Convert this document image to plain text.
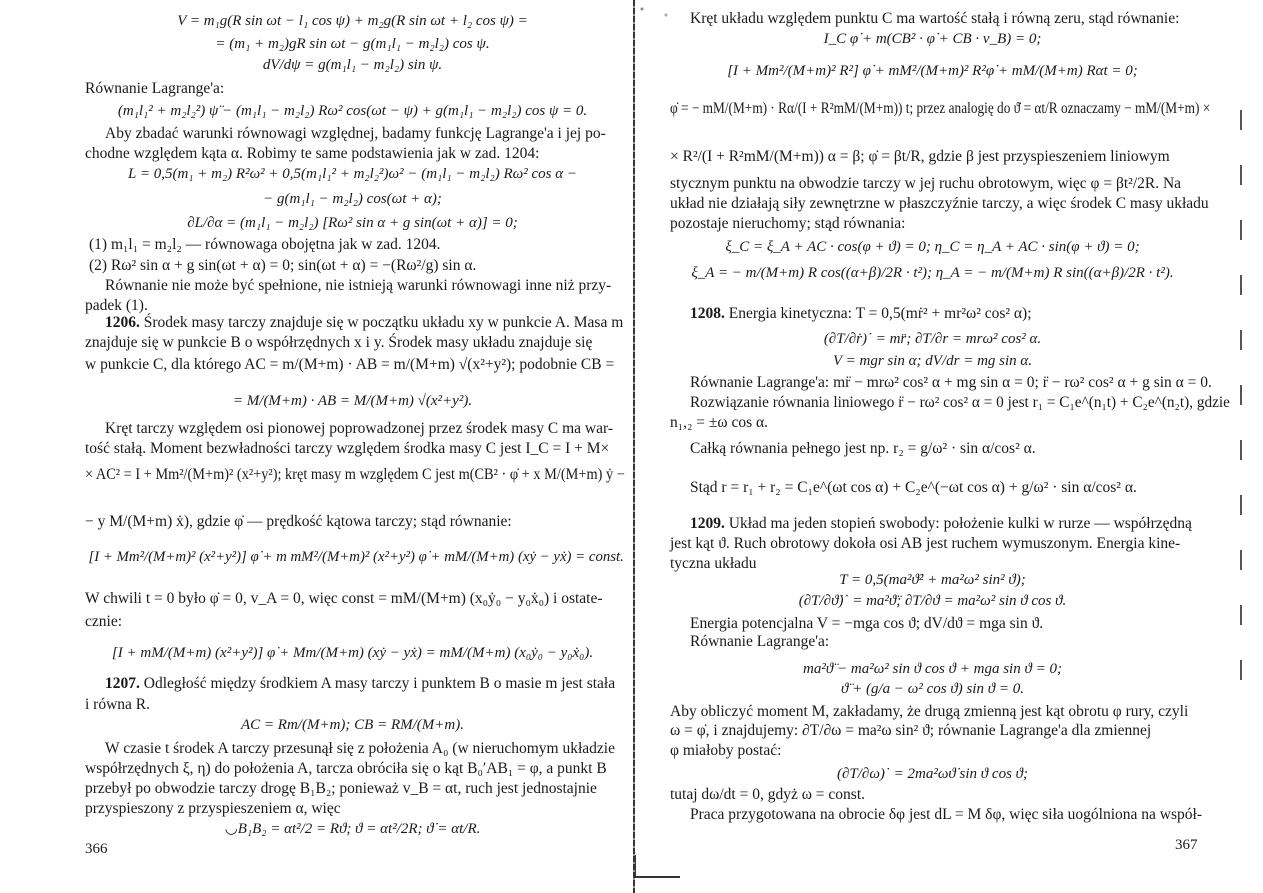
V = m₁g(R sin ωt − l₁ cos ψ) + m₂g(R sin ωt + l₂ cos ψ) =
= (m₁ + m₂)gR sin ωt − g(m₁l₁ − m₂l₂) cos ψ.
dV/dψ = g(m₁l₁ − m₂l₂) sin ψ.
Równanie Lagrange'a:
(m₁l₁² + m₂l₂²) ψ̈ − (m₁l₁ − m₂l₂) Rω² cos(ωt − ψ) + g(m₁l₁ − m₂l₂) cos ψ = 0.
Aby zbadać warunki równowagi względnej, badamy funkcję Lagrange'a i jej po-
chodne względem kąta α. Robimy te same podstawienia jak w zad. 1204:
L = 0,5(m₁ + m₂) R²ω² + 0,5(m₁l₁² + m₂l₂²)ω² − (m₁l₁ − m₂l₂) Rω² cos α −
− g(m₁l₁ − m₂l₂) cos(ωt + α);
∂L/∂α = (m₁l₁ − m₂l₂) [Rω² sin α + g sin(ωt + α)] = 0;
(1) m₁l₁ = m₂l₂ — równowaga obojętna jak w zad. 1204.
(2) Rω² sin α + g sin(ωt + α) = 0; sin(ωt + α) = −(Rω²/g) sin α.
Równanie nie może być spełnione, nie istnieją warunki równowagi inne niż przy-
padek (1).
1206. Środek masy tarczy znajduje się w początku układu xy w punkcie A. Masa m
znajduje się w punkcie B o współrzędnych x i y. Środek masy układu znajduje się
w punkcie C, dla którego AC = m/(M+m) · AB = m/(M+m) √(x²+y²); podobnie CB =
= M/(M+m) · AB = M/(M+m) √(x²+y²).
Kręt tarczy względem osi pionowej poprowadzonej przez środek masy C ma war-
tość stałą. Moment bezwładności tarczy względem środka masy C jest I_C = I + M×
× AC² = I + Mm²/(M+m)² (x²+y²); kręt masy m względem C jest m(CB² · φ̇ + x M/(M+m) ẏ −
− y M/(M+m) ẋ), gdzie φ̇ — prędkość kątowa tarczy; stąd równanie:
[I + Mm²/(M+m)² (x²+y²)] φ̇ + m mM²/(M+m)² (x²+y²) φ̇ + mM/(M+m) (xẏ − yẋ) = const.
W chwili t = 0 było φ̇ = 0, v_A = 0, więc const = mM/(M+m) (x₀ẏ₀ − y₀ẋ₀) i ostate-
cznie:
[I + mM/(M+m) (x²+y²)] φ̇ + Mm/(M+m) (xẏ − yẋ) = mM/(M+m) (x₀ẏ₀ − y₀ẋ₀).
1207. Odległość między środkiem A masy tarczy i punktem B o masie m jest stała
i równa R.
AC = Rm/(M+m); CB = RM/(M+m).
W czasie t środek A tarczy przesunął się z położenia A₀ (w nieruchomym układzie
współrzędnych ξ, η) do położenia A, tarcza obróciła się o kąt B₀′AB₁ = φ, a punkt B
przebył po obwodzie tarczy drogę B₁B₂; ponieważ v_B = αt, ruch jest jednostajnie
przyspieszony z przyspieszeniem α, więc
◡B₁B₂ = αt²/2 = Rϑ; ϑ = αt²/2R; ϑ̇ = αt/R.
366
Kręt układu względem punktu C ma wartość stałą i równą zeru, stąd równanie:
I_C φ̇ + m(CB² · φ̇ + CB · v_B) = 0;
[I + Mm²/(M+m)² R²] φ̇ + mM²/(M+m)² R²φ̇ + mM/(M+m) Rαt = 0;
φ̇ = − mM/(M+m) · Rα/(I + R²mM/(M+m)) t; przez analogię do ϑ̇ = αt/R oznaczamy − mM/(M+m) ×
× R²/(I + R²mM/(M+m)) α = β; φ̇ = βt/R, gdzie β jest przyspieszeniem liniowym
stycznym punktu na obwodzie tarczy w jej ruchu obrotowym, więc φ = βt²/2R. Na
układ nie działają siły zewnętrzne w płaszczyźnie tarczy, a więc środek C masy układu
pozostaje nieruchomy; stąd równania:
ξ_C = ξ_A + AC · cos(φ + ϑ) = 0; η_C = η_A + AC · sin(φ + ϑ) = 0;
ξ_A = − m/(M+m) R cos((α+β)/2R · t²); η_A = − m/(M+m) R sin((α+β)/2R · t²).
1208. Energia kinetyczna: T = 0,5(mṙ² + mr²ω² cos² α);
(∂T/∂ṙ)˙ = mr̈; ∂T/∂r = mrω² cos² α.
V = mgr sin α; dV/dr = mg sin α.
Równanie Lagrange'a: mr̈ − mrω² cos² α + mg sin α = 0; r̈ − rω² cos² α + g sin α = 0.
Rozwiązanie równania liniowego r̈ − rω² cos² α = 0 jest r₁ = C₁e^(n₁t) + C₂e^(n₂t), gdzie
n₁,₂ = ±ω cos α.
Całką równania pełnego jest np. r₂ = g/ω² · sin α/cos² α.
Stąd r = r₁ + r₂ = C₁e^(ωt cos α) + C₂e^(−ωt cos α) + g/ω² · sin α/cos² α.
1209. Układ ma jeden stopień swobody: położenie kulki w rurze — współrzędną
jest kąt ϑ. Ruch obrotowy dokoła osi AB jest ruchem wymuszonym. Energia kine-
tyczna układu
T = 0,5(ma²ϑ̇² + ma²ω² sin² ϑ);
(∂T/∂ϑ̇)˙ = ma²ϑ̈; ∂T/∂ϑ = ma²ω² sin ϑ cos ϑ.
Energia potencjalna V = −mga cos ϑ; dV/dϑ = mga sin ϑ.
Równanie Lagrange'a:
ma²ϑ̈ − ma²ω² sin ϑ cos ϑ + mga sin ϑ = 0;
ϑ̈ + (g/a − ω² cos ϑ) sin ϑ = 0.
Aby obliczyć moment M, zakładamy, że drugą zmienną jest kąt obrotu φ rury, czyli
ω = φ̇, i znajdujemy: ∂T/∂ω = ma²ω sin² ϑ; równanie Lagrange'a dla zmiennej
φ miałoby postać:
(∂T/∂ω)˙ = 2ma²ωϑ̇ sin ϑ cos ϑ;
tutaj dω/dt = 0, gdyż ω = const.
Praca przygotowana na obrocie δφ jest dL = M δφ, więc siła uogólniona na współ-
367
